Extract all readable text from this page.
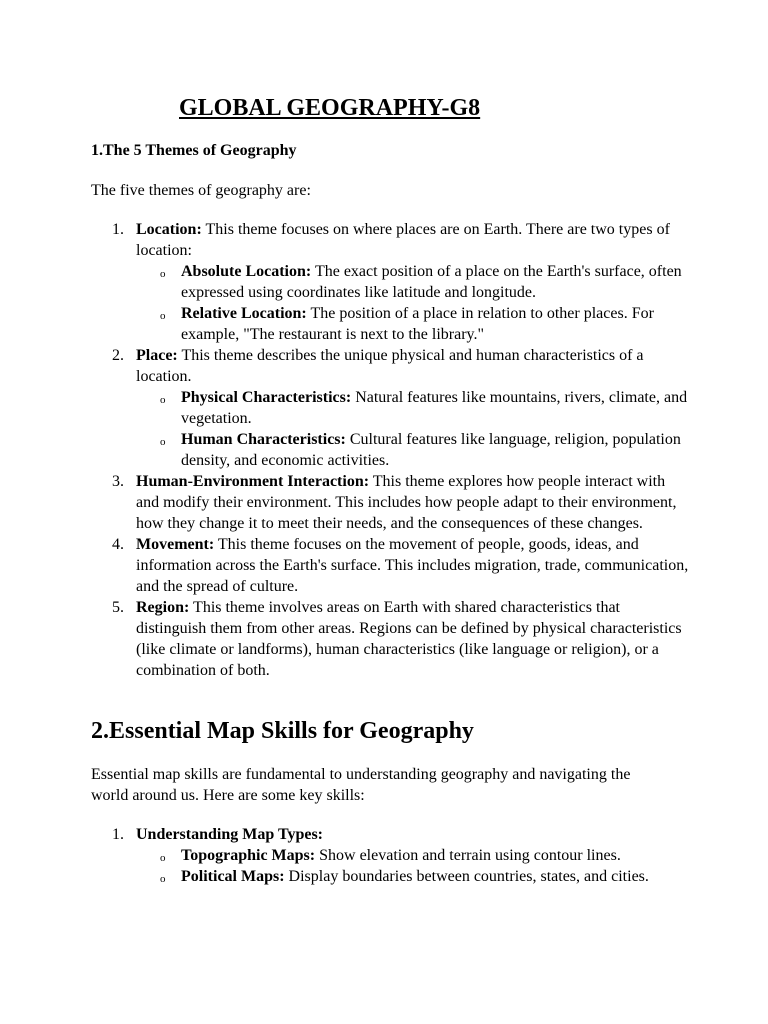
GLOBAL GEOGRAPHY-G8
1.The 5 Themes of Geography

The five themes of geography are:

1. Location: This theme focuses on where places are on Earth. There are two types of location:
o Absolute Location: The exact position of a place on the Earth's surface, often expressed using coordinates like latitude and longitude.
o Relative Location: The position of a place in relation to other places. For example, "The restaurant is next to the library."
2. Place: This theme describes the unique physical and human characteristics of a location.
o Physical Characteristics: Natural features like mountains, rivers, climate, and vegetation.
o Human Characteristics: Cultural features like language, religion, population density, and economic activities.
3. Human-Environment Interaction: This theme explores how people interact with and modify their environment. This includes how people adapt to their environment, how they change it to meet their needs, and the consequences of these changes.
4. Movement: This theme focuses on the movement of people, goods, ideas, and information across the Earth's surface. This includes migration, trade, communication, and the spread of culture.
5. Region: This theme involves areas on Earth with shared characteristics that distinguish them from other areas. Regions can be defined by physical characteristics (like climate or landforms), human characteristics (like language or religion), or a combination of both.
2.Essential Map Skills for Geography

Essential map skills are fundamental to understanding geography and navigating the world around us. Here are some key skills:

1. Understanding Map Types:
o Topographic Maps: Show elevation and terrain using contour lines.
o Political Maps: Display boundaries between countries, states, and cities.
